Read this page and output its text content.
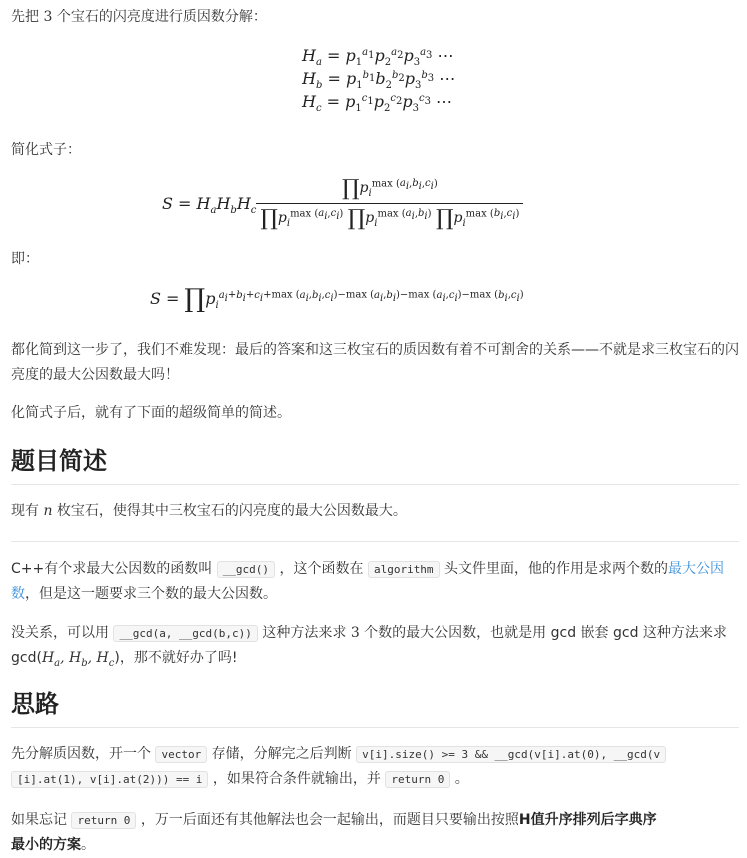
先把 3 个宝石的闪亮度进行质因数分解：

$H_a = p_1^{a_1}p_2^{a_2}p_3^{a_3}$ ⋯
$H_b = p_1^{b_1}b_2^{b_2}p_3^{b_3}$ ⋯
$H_c = p_1^{c_1}p_2^{c_2}p_3^{c_3}$ ⋯

简化式子：

$S = H_aH_bH_c \frac{\prod p_i^{max (a_i,b_i,c_i)}}{\prod p_i^{max (a_i,c_i)} \prod p_i^{max (a_i,b_i)} \prod p_i^{max (b_i,c_i)}}$

即：

$S = \prod p_i^{a_i+b_i+c_i+max (a_i,b_i,c_i)-max (a_i,b_i)-max (a_i,c_i)-max (b_i,c_i)}$

都化简到这一步了，我们不难发现：最后的答案和这三枚宝石的质因数有着不可割舍的关系——不就是求三枚宝石的闪亮度的最大公因数最大吗！

化简式子后，就有了下面的超级简单的简述。

题目简述

现有 n 枚宝石，使得其中三枚宝石的闪亮度的最大公因数最大。

C++有个求最大公因数的函数叫 __gcd() ，这个函数在 algorithm 头文件里面，他的作用是求两个数的最大公因数，但是这一题要求三个数的最大公因数。

没关系，可以用 __gcd(a, __gcd(b,c)) 这种方法来求 3 个数的最大公因数，也就是用 gcd 嵌套 gcd 这种方法来求 $\gcd(H_a$, $H_b$, $H_c$)，那不就好办了吗!

思路

先分解质因数，开一个 vector 存储，分解完之后判断 v[i].size() >= 3 && __gcd(v[i].at(0), __gcd(v
[i].at(1), v[i].at(2))) == i ，如果符合条件就输出，并 return 0 。

如果忘记 return 0 ，万一后面还有其他解法也会一起输出，而题目只要输出按照H值升序排列后字典序
最小的方案。
